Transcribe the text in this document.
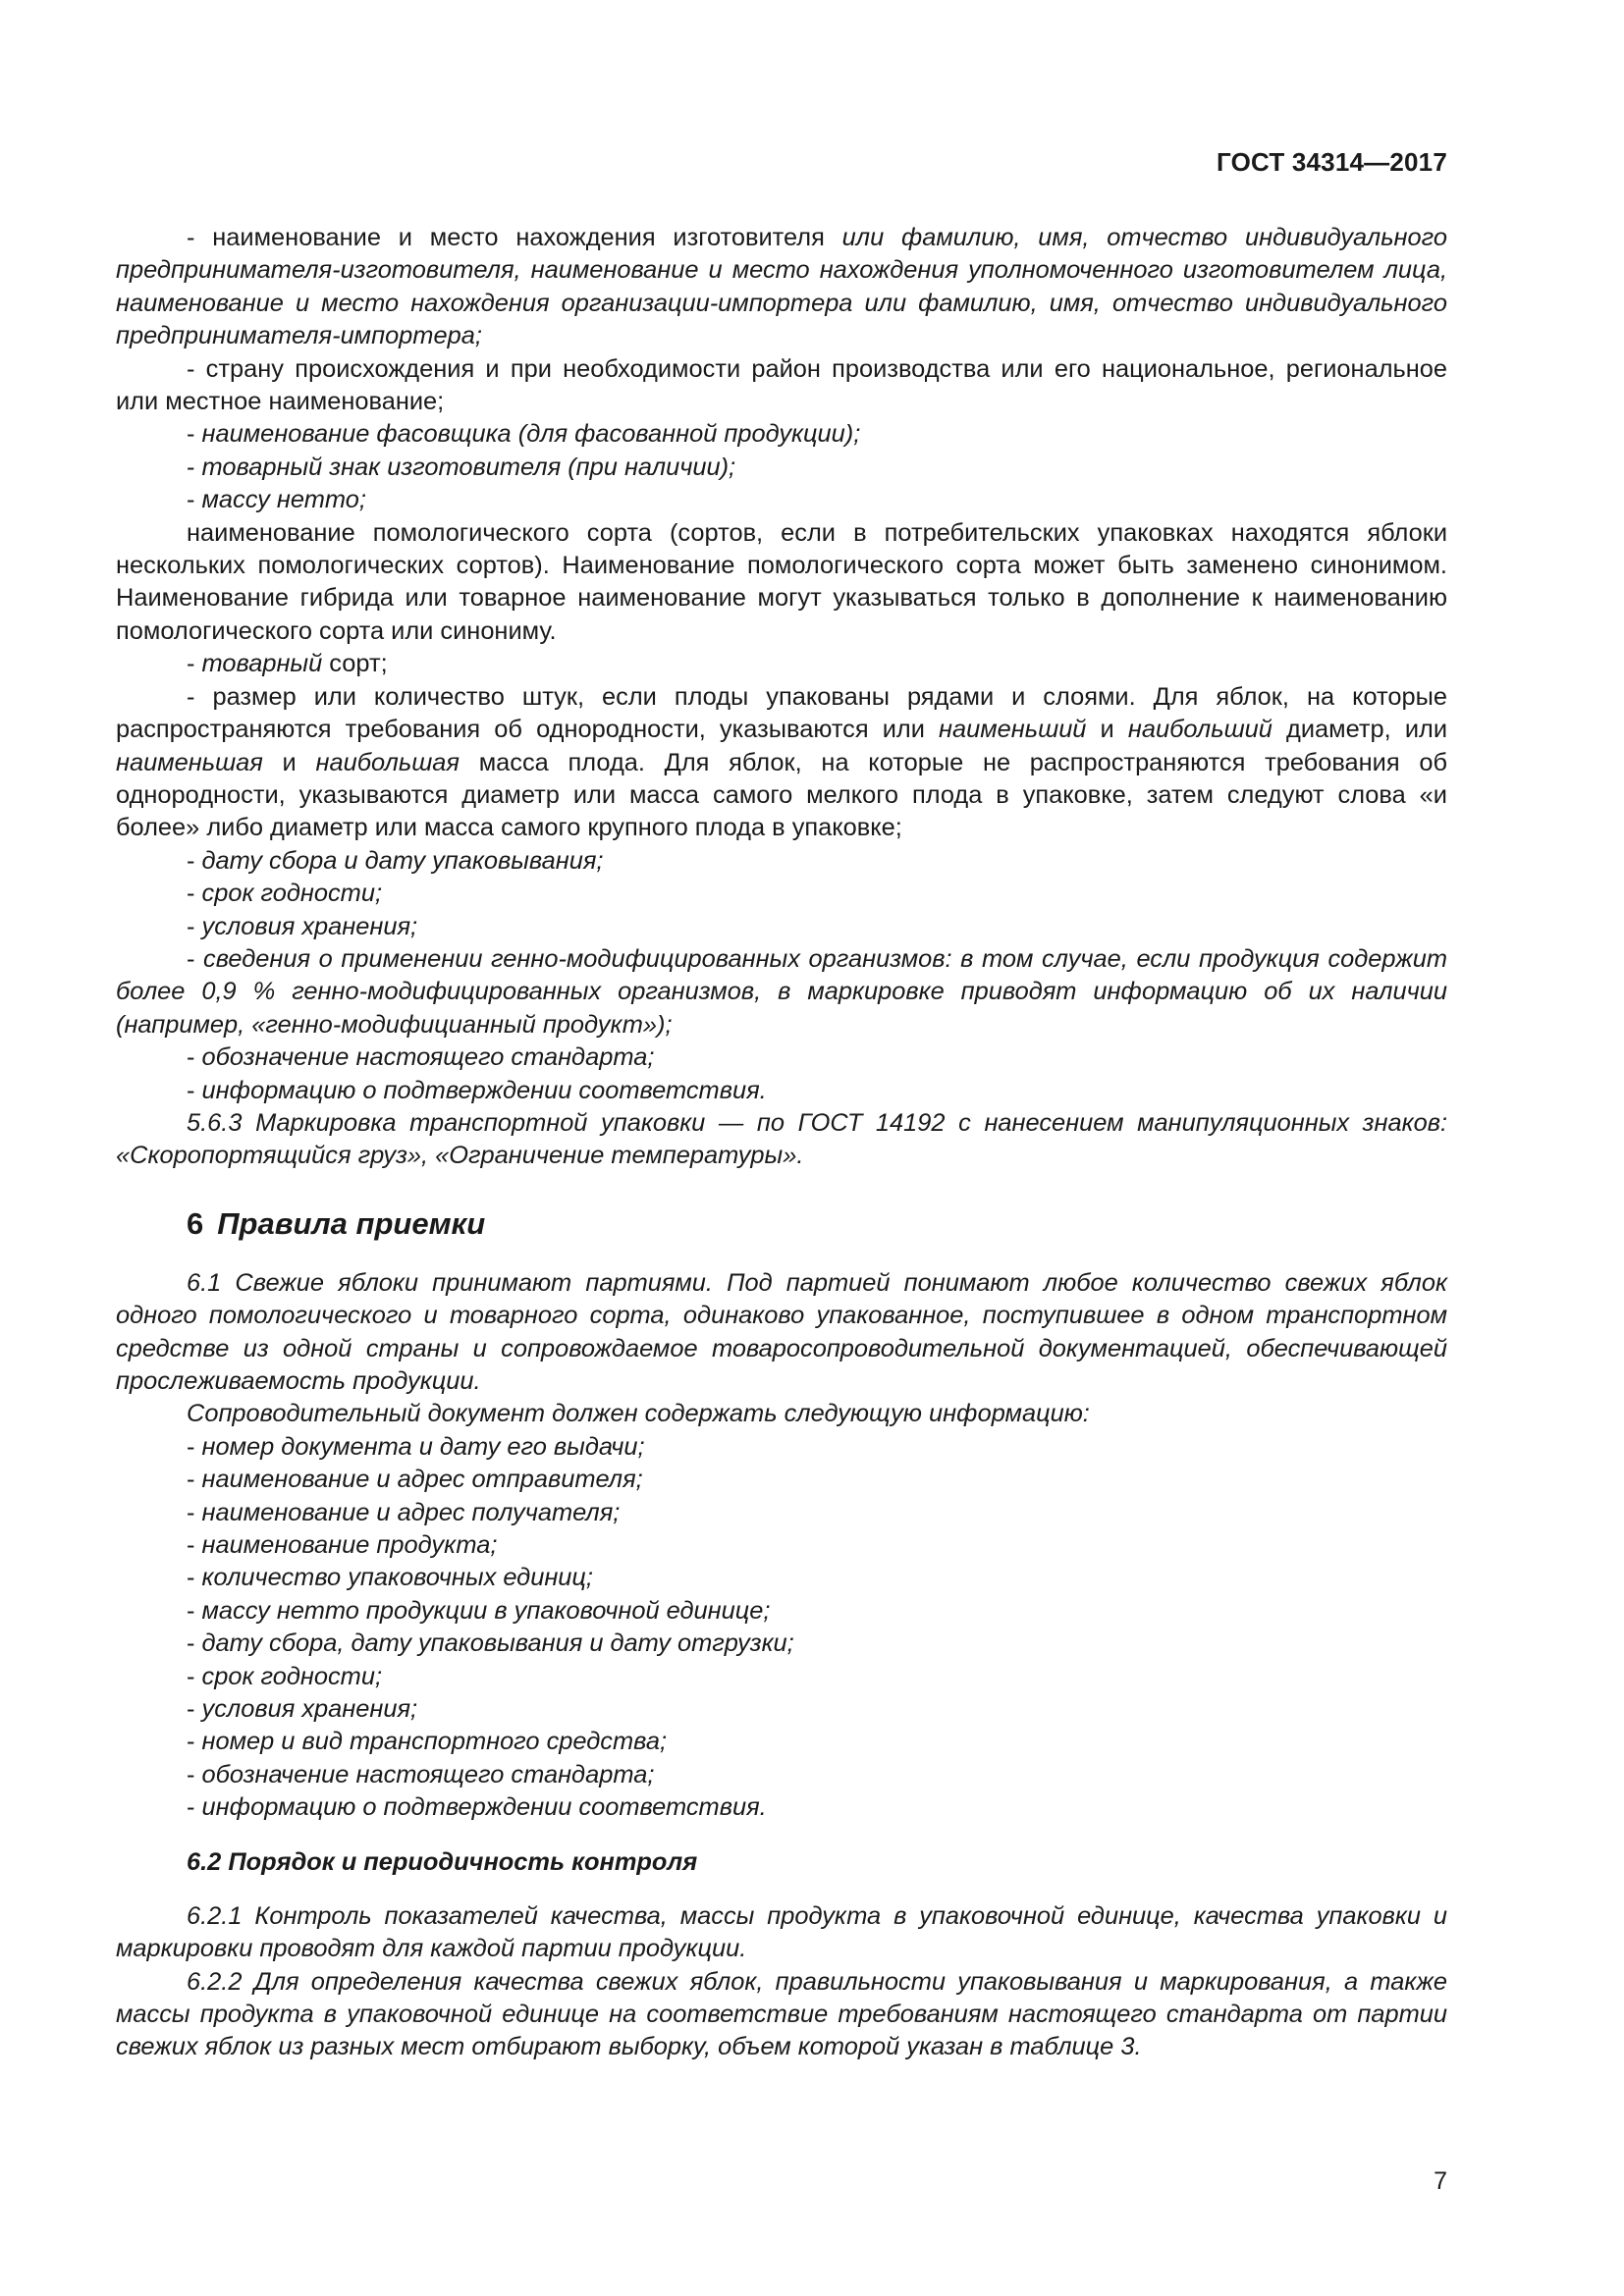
ГОСТ 34314—2017

- наименование и место нахождения изготовителя или фамилию, имя, отчество индивидуального предпринимателя-изготовителя, наименование и место нахождения уполномоченного изготовителем лица, наименование и место нахождения организации-импортера или фамилию, имя, отчество индивидуального предпринимателя-импортера;

- страну происхождения и при необходимости район производства или его национальное, региональное или местное наименование;

- наименование фасовщика (для фасованной продукции);

- товарный знак изготовителя (при наличии);

- массу нетто;

наименование помологического сорта (сортов, если в потребительских упаковках находятся яблоки нескольких помологических сортов). Наименование помологического сорта может быть заменено синонимом. Наименование гибрида или товарное наименование могут указываться только в дополнение к наименованию помологического сорта или синониму.

- товарный сорт;

- размер или количество штук, если плоды упакованы рядами и слоями. Для яблок, на которые распространяются требования об однородности, указываются или наименьший и наибольший диаметр, или наименьшая и наибольшая масса плода. Для яблок, на которые не распространяются требования об однородности, указываются диаметр или масса самого мелкого плода в упаковке, затем следуют слова «и более» либо диаметр или масса самого крупного плода в упаковке;

- дату сбора и дату упаковывания;

- срок годности;

- условия хранения;

- сведения о применении генно-модифицированных организмов: в том случае, если продукция содержит более 0,9 % генно-модифицированных организмов, в маркировке приводят информацию об их наличии (например, «генно-модифицианный продукт»);

- обозначение настоящего стандарта;

- информацию о подтверждении соответствия.

5.6.3 Маркировка транспортной упаковки — по ГОСТ 14192 с нанесением манипуляционных знаков: «Скоропортящийся груз», «Ограничение температуры».

6 Правила приемки

6.1 Свежие яблоки принимают партиями. Под партией понимают любое количество свежих яблок одного помологического и товарного сорта, одинаково упакованное, поступившее в одном транспортном средстве из одной страны и сопровождаемое товаросопроводительной документацией, обеспечивающей прослеживаемость продукции.

Сопроводительный документ должен содержать следующую информацию:

- номер документа и дату его выдачи;

- наименование и адрес отправителя;

- наименование и адрес получателя;

- наименование продукта;

- количество упаковочных единиц;

- массу нетто продукции в упаковочной единице;

- дату сбора, дату упаковывания и дату отгрузки;

- срок годности;

- условия хранения;

- номер и вид транспортного средства;

- обозначение настоящего стандарта;

- информацию о подтверждении соответствия.

6.2 Порядок и периодичность контроля

6.2.1 Контроль показателей качества, массы продукта в упаковочной единице, качества упаковки и маркировки проводят для каждой партии продукции.

6.2.2 Для определения качества свежих яблок, правильности упаковывания и маркирования, а также массы продукта в упаковочной единице на соответствие требованиям настоящего стандарта от партии свежих яблок из разных мест отбирают выборку, объем которой указан в таблице 3.

7
